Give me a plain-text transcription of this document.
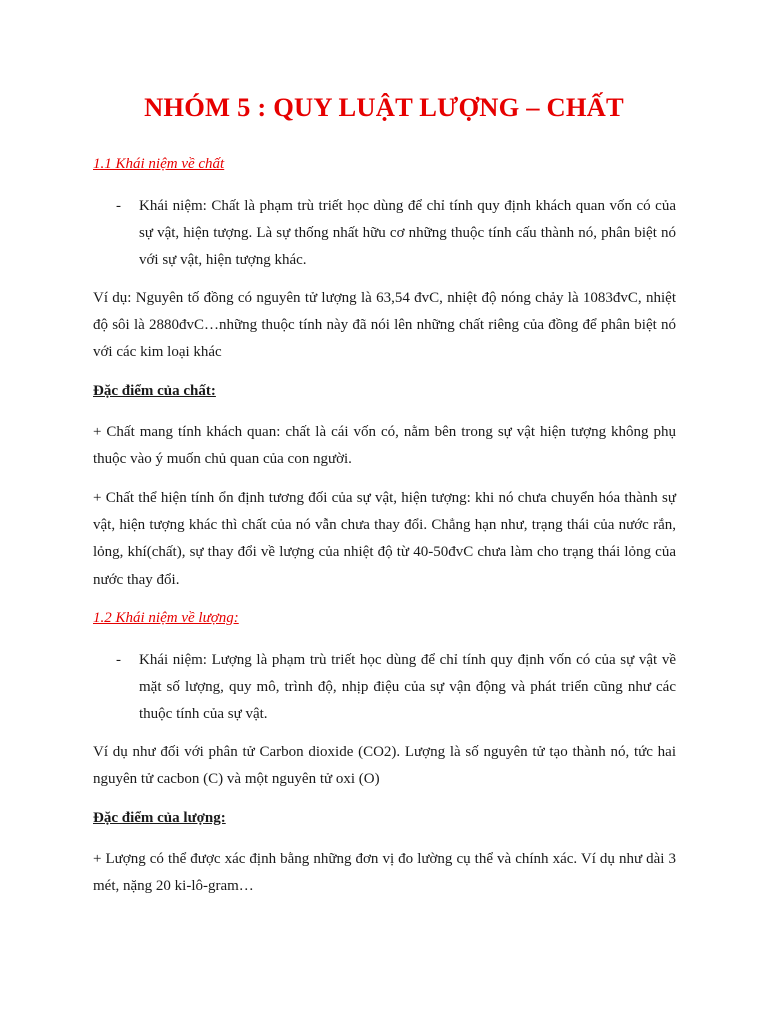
NHÓM 5 : QUY LUẬT LƯỢNG – CHẤT
1.1 Khái niệm về chất
- Khái niệm: Chất là phạm trù triết học dùng để chỉ tính quy định khách quan vốn có của sự vật, hiện tượng. Là sự thống nhất hữu cơ những thuộc tính cấu thành nó, phân biệt nó với sự vật, hiện tượng khác.
Ví dụ: Nguyên tố đồng có nguyên tử lượng là 63,54 đvC, nhiệt độ nóng chảy là 1083đvC, nhiệt độ sôi là 2880đvC…những thuộc tính này đã nói lên những chất riêng của đồng để phân biệt nó với các kim loại khác
Đặc điểm của chất:
+ Chất mang tính khách quan: chất là cái vốn có, nằm bên trong sự vật hiện tượng không phụ thuộc vào ý muốn chủ quan của con người.
+ Chất thể hiện tính ổn định tương đối của sự vật, hiện tượng: khi nó chưa chuyển hóa thành sự vật, hiện tượng khác thì chất của nó vẫn chưa thay đổi. Chẳng hạn như, trạng thái của nước rắn, lỏng, khí(chất), sự thay đổi về lượng của nhiệt độ từ 40-50đvC chưa làm cho trạng thái lỏng của nước thay đổi.
1.2 Khái niệm về lượng:
- Khái niệm: Lượng là phạm trù triết học dùng để chỉ tính quy định vốn có của sự vật về mặt số lượng, quy mô, trình độ, nhịp điệu của sự vận động và phát triển cũng như các thuộc tính của sự vật.
Ví dụ như đối với phân tử Carbon dioxide (CO2). Lượng là số nguyên tử tạo thành nó, tức hai nguyên tử cacbon (C) và một nguyên tử oxi (O)
Đặc điểm của lượng:
+ Lượng có thể được xác định bằng những đơn vị đo lường cụ thể và chính xác. Ví dụ như dài 3 mét, nặng 20 ki-lô-gram…
